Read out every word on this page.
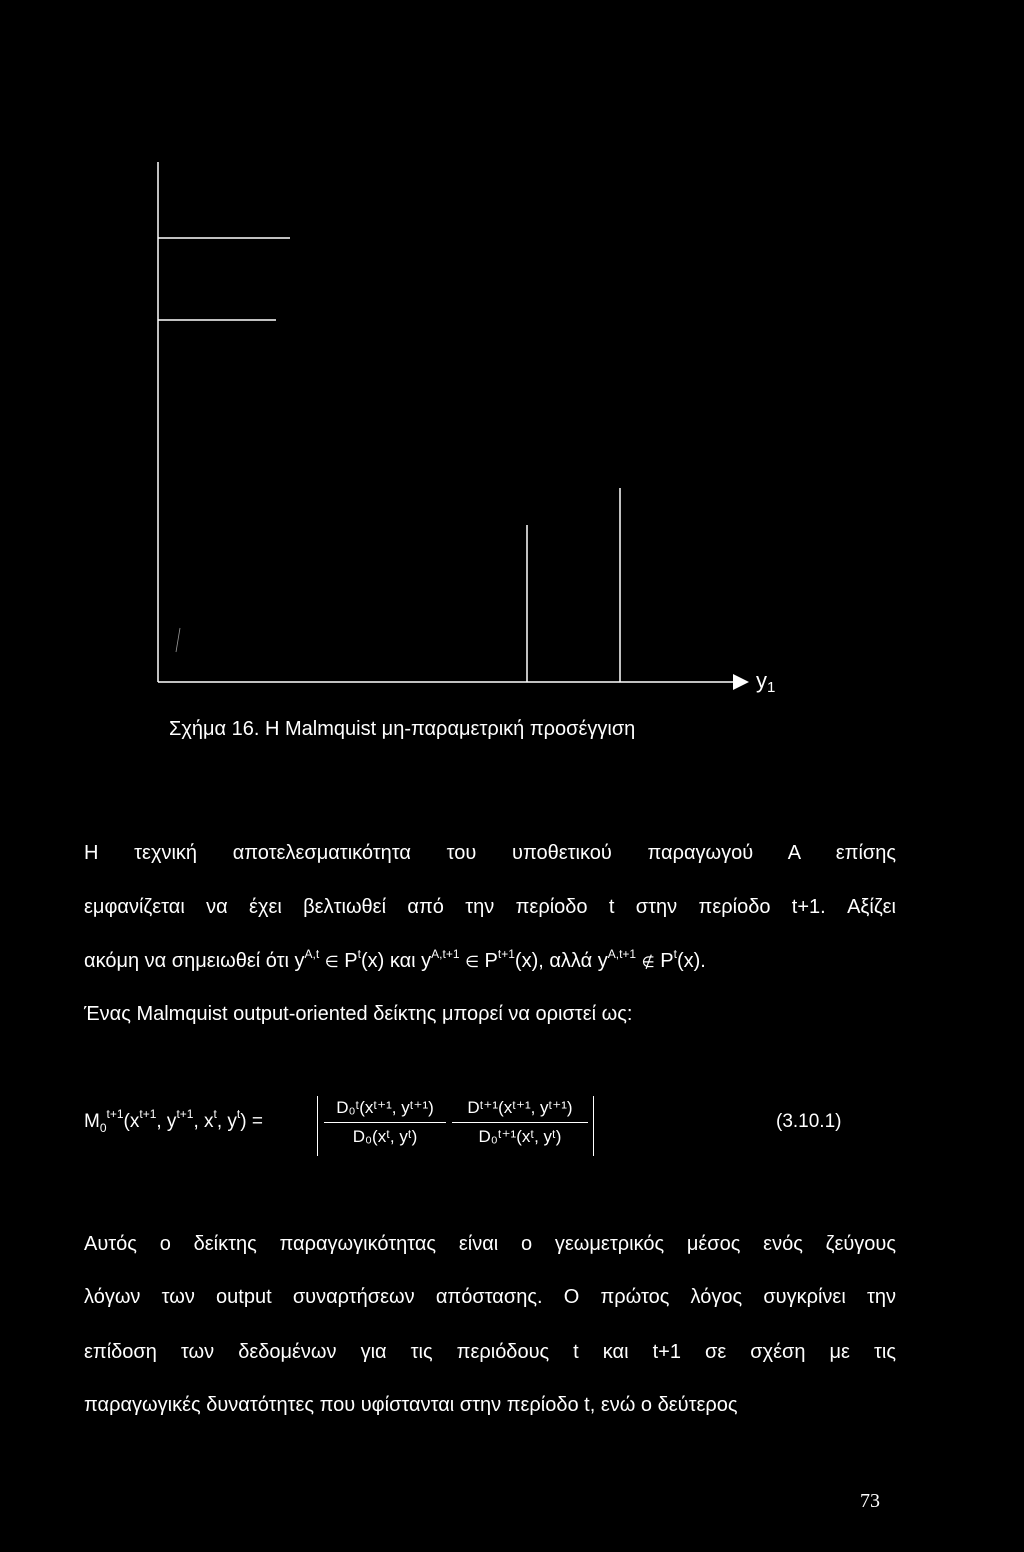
y1
Σχήμα 16. Η Malmquist μη-παραμετρική προσέγγιση
Η τεχνική αποτελεσματικότητα του υποθετικού παραγωγού Α επίσης
εμφανίζεται να έχει βελτιωθεί από την περίοδο t στην περίοδο t+1. Αξίζει
ακόμη να σημειωθεί ότι $y^{A,t}$ ∈ $P^t(x)$ και $y^{A,t+1}$ ∈ $P^{t+1}(x)$, αλλά $y^{A,t+1}$ ∉ $P^t(x)$.
Ένας Malmquist output-oriented δείκτης μπορεί να οριστεί ως:
$M_0^{t+1}(x^{t+1}$, $y^{t+1}$, $x^t$, $y^t$) =
D₀ᵗ(xᵗ⁺¹, yᵗ⁺¹)
D₀(xᵗ, yᵗ)
Dᵗ⁺¹(xᵗ⁺¹, yᵗ⁺¹)
D₀ᵗ⁺¹(xᵗ, yᵗ)
(3.10.1)
Αυτός ο δείκτης παραγωγικότητας είναι ο γεωμετρικός μέσος ενός ζεύγους
λόγων των output συναρτήσεων απόστασης. Ο πρώτος λόγος συγκρίνει την
επίδοση των δεδομένων για τις περιόδους t και t+1 σε σχέση με τις
παραγωγικές δυνατότητες που υφίστανται στην περίοδο t, ενώ ο δεύτερος
73
